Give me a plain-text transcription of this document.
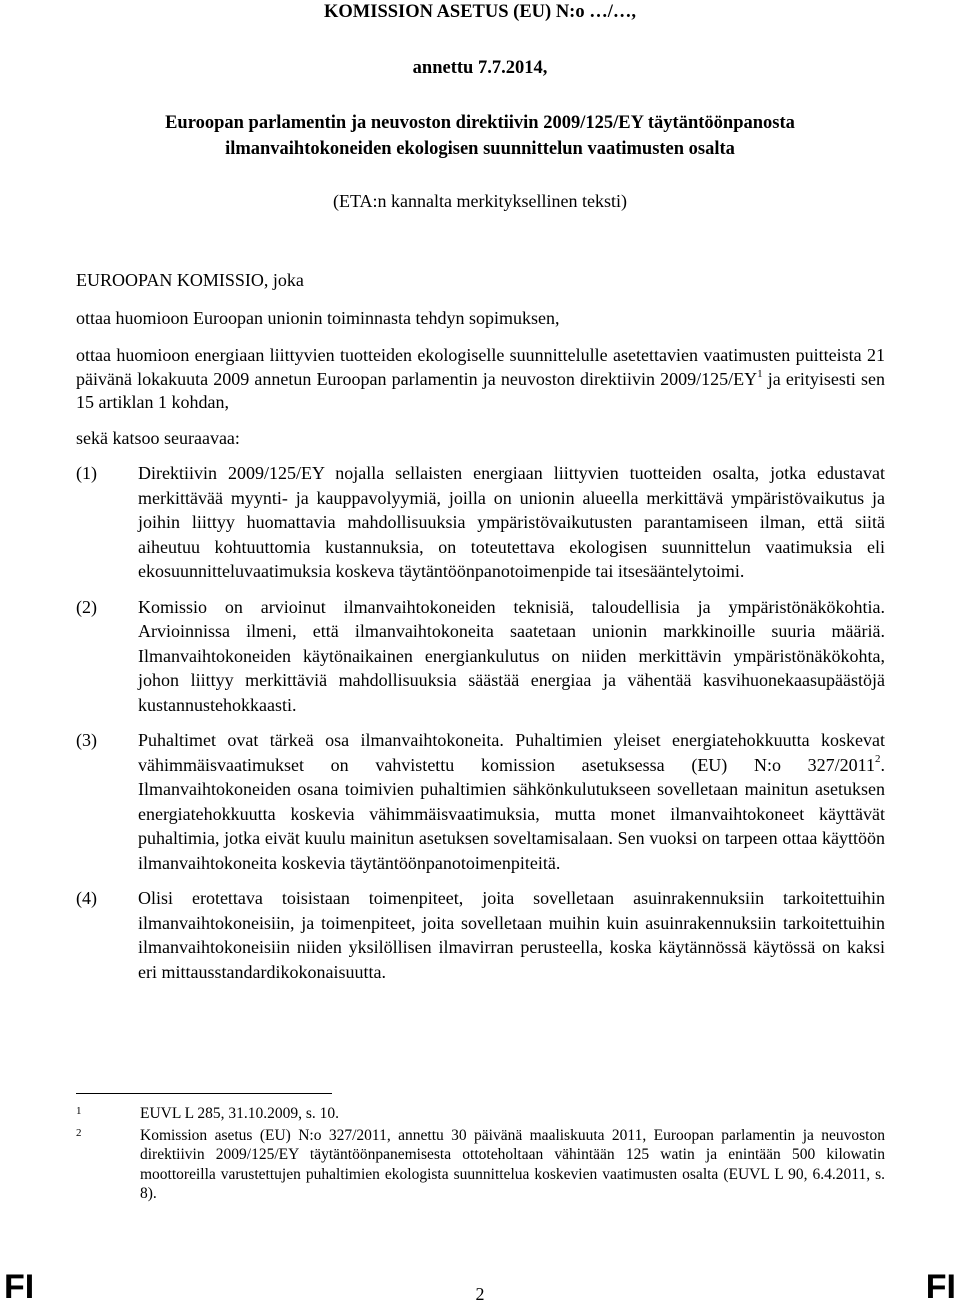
KOMISSION ASETUS (EU) N:o …/…,
annettu 7.7.2014,
Euroopan parlamentin ja neuvoston direktiivin 2009/125/EY täytäntöönpanosta
ilmanvaihtokoneiden ekologisen suunnittelun vaatimusten osalta
(ETA:n kannalta merkityksellinen teksti)
EUROOPAN KOMISSIO, joka
ottaa huomioon Euroopan unionin toiminnasta tehdyn sopimuksen,
ottaa huomioon energiaan liittyvien tuotteiden ekologiselle suunnittelulle asetettavien vaatimusten puitteista 21 päivänä lokakuuta 2009 annetun Euroopan parlamentin ja neuvoston direktiivin $2009/125/EY^1$ ja erityisesti sen 15 artiklan 1 kohdan,
sekä katsoo seuraavaa:
(1)	Direktiivin 2009/125/EY nojalla sellaisten energiaan liittyvien tuotteiden osalta, jotka edustavat merkittävää myynti- ja kauppavolyymiä, joilla on unionin alueella merkittävä ympäristövaikutus ja joihin liittyy huomattavia mahdollisuuksia ympäristövaikutusten parantamiseen ilman, että siitä aiheutuu kohtuuttomia kustannuksia, on toteutettava ekologisen suunnittelun vaatimuksia eli ekosuunnitteluvaatimuksia koskeva täytäntöönpanotoimenpide tai itsesääntelytoimi.
(2)	Komissio on arvioinut ilmanvaihtokoneiden teknisiä, taloudellisia ja ympäristönäkökohtia. Arvioinnissa ilmeni, että ilmanvaihtokoneita saatetaan unionin markkinoille suuria määriä. Ilmanvaihtokoneiden käytönaikainen energiankulutus on niiden merkittävin ympäristönäkökohta, johon liittyy merkittäviä mahdollisuuksia säästää energiaa ja vähentää kasvihuonekaasupäästöjä kustannustehokkaasti.
(3)	Puhaltimet ovat tärkeä osa ilmanvaihtokoneita. Puhaltimien yleiset energiatehokkuutta koskevat vähimmäisvaatimukset on vahvistettu komission asetuksessa (EU) N:o 327/2011$^2$. Ilmanvaihtokoneiden osana toimivien puhaltimien sähkönkulutukseen sovelletaan mainitun asetuksen energiatehokkuutta koskevia vähimmäisvaatimuksia, mutta monet ilmanvaihtokoneet käyttävät puhaltimia, jotka eivät kuulu mainitun asetuksen soveltamisalaan. Sen vuoksi on tarpeen ottaa käyttöön ilmanvaihtokoneita koskevia täytäntöönpanotoimenpiteitä.
(4)	Olisi erotettava toisistaan toimenpiteet, joita sovelletaan asuinrakennuksiin tarkoitettuihin ilmanvaihtokoneisiin, ja toimenpiteet, joita sovelletaan muihin kuin asuinrakennuksiin tarkoitettuihin ilmanvaihtokoneisiin niiden yksilöllisen ilmavirran perusteella, koska käytännössä käytössä on kaksi eri mittausstandardikokonaisuutta.
1	EUVL L 285, 31.10.2009, s. 10.
2	Komission asetus (EU) N:o 327/2011, annettu 30 päivänä maaliskuuta 2011, Euroopan parlamentin ja neuvoston direktiivin 2009/125/EY täytäntöönpanemisesta ottoteholtaan vähintään 125 watin ja enintään 500 kilowatin moottoreilla varustettujen puhaltimien ekologista suunnittelua koskevien vaatimusten osalta (EUVL L 90, 6.4.2011, s. 8).
FI	2	FI
